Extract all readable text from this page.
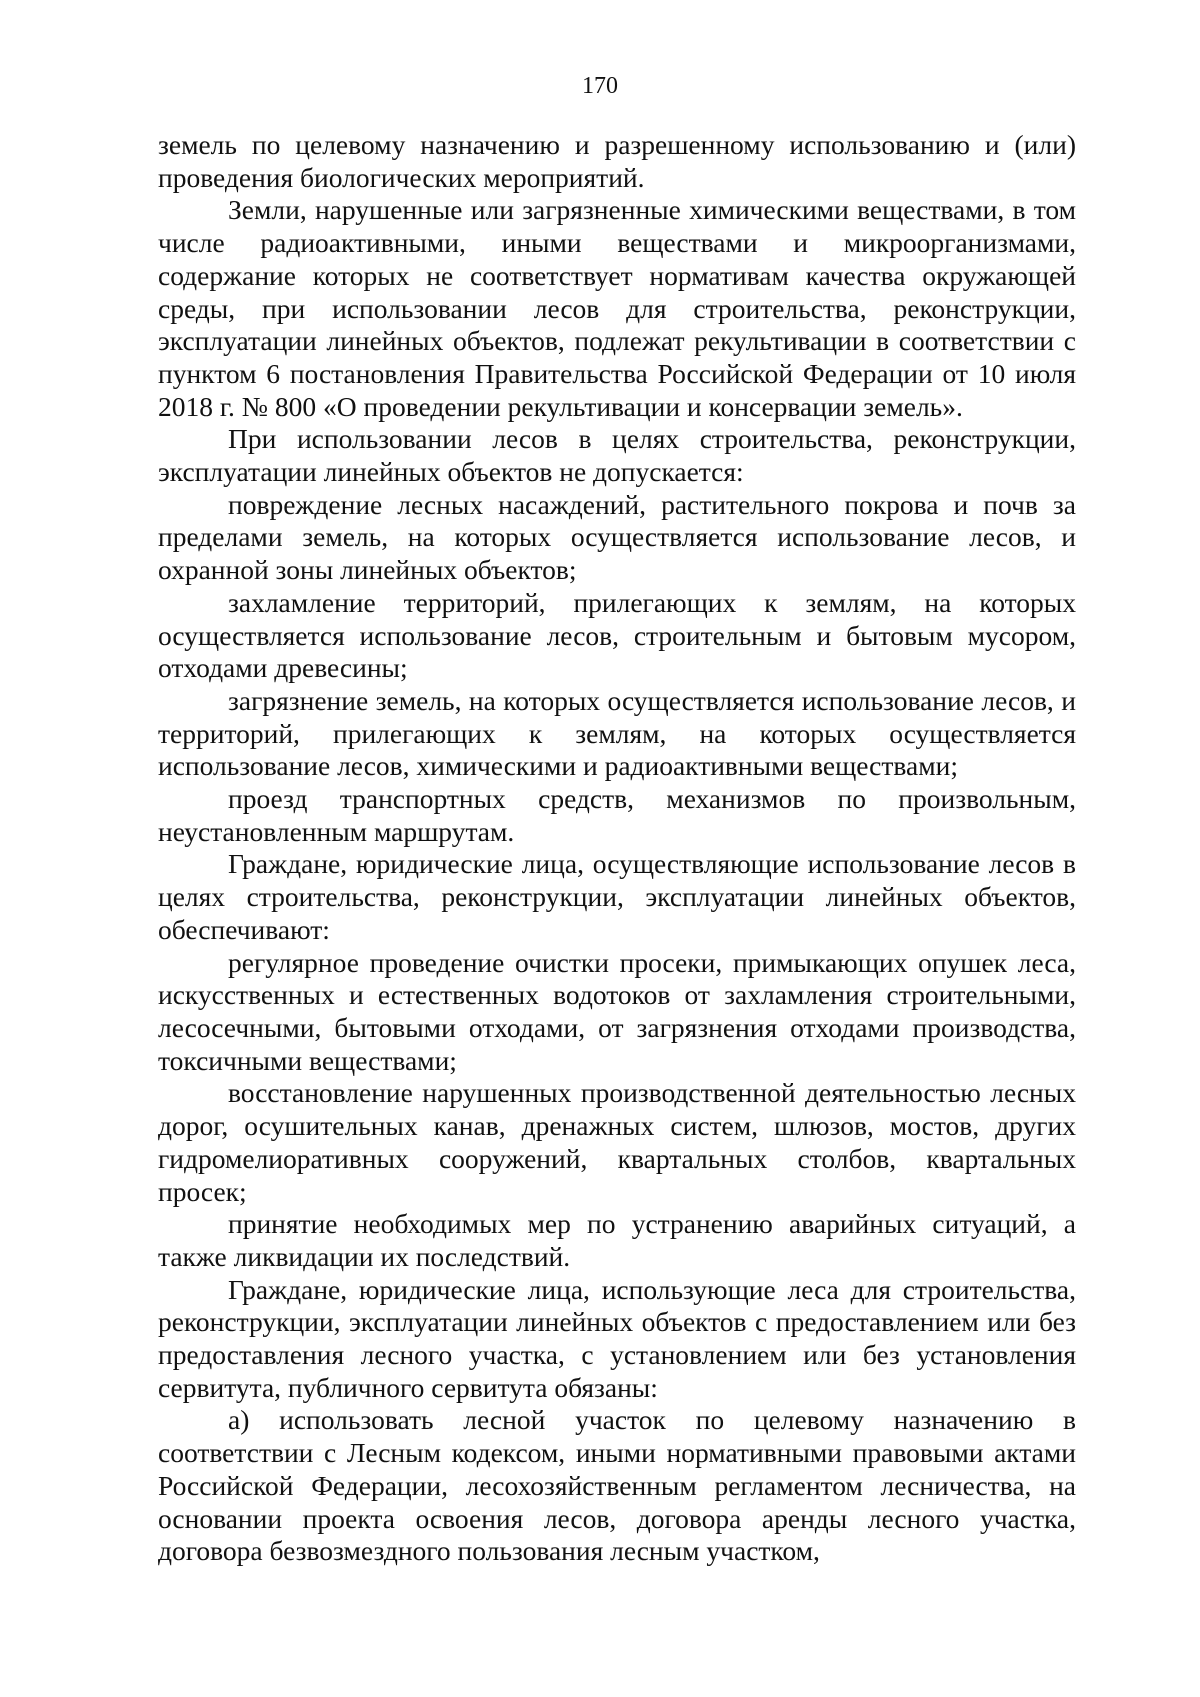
170

земель по целевому назначению и разрешенному использованию и (или) проведения биологических мероприятий.

Земли, нарушенные или загрязненные химическими веществами, в том числе радиоактивными, иными веществами и микроорганизмами, содержание которых не соответствует нормативам качества окружающей среды, при использовании лесов для строительства, реконструкции, эксплуатации линейных объектов, подлежат рекультивации в соответствии с пунктом 6 постановления Правительства Российской Федерации от 10 июля 2018 г. № 800 «О проведении рекультивации и консервации земель».

При использовании лесов в целях строительства, реконструкции, эксплуатации линейных объектов не допускается:

повреждение лесных насаждений, растительного покрова и почв за пределами земель, на которых осуществляется использование лесов, и охранной зоны линейных объектов;

захламление территорий, прилегающих к землям, на которых осуществляется использование лесов, строительным и бытовым мусором, отходами древесины;

загрязнение земель, на которых осуществляется использование лесов, и территорий, прилегающих к землям, на которых осуществляется использование лесов, химическими и радиоактивными веществами;

проезд транспортных средств, механизмов по произвольным, неустановленным маршрутам.

Граждане, юридические лица, осуществляющие использование лесов в целях строительства, реконструкции, эксплуатации линейных объектов, обеспечивают:

регулярное проведение очистки просеки, примыкающих опушек леса, искусственных и естественных водотоков от захламления строительными, лесосечными, бытовыми отходами, от загрязнения отходами производства, токсичными веществами;

восстановление нарушенных производственной деятельностью лесных дорог, осушительных канав, дренажных систем, шлюзов, мостов, других гидромелиоративных сооружений, квартальных столбов, квартальных просек;

принятие необходимых мер по устранению аварийных ситуаций, а также ликвидации их последствий.

Граждане, юридические лица, использующие леса для строительства, реконструкции, эксплуатации линейных объектов с предоставлением или без предоставления лесного участка, с установлением или без установления сервитута, публичного сервитута обязаны:

а) использовать лесной участок по целевому назначению в соответствии с Лесным кодексом, иными нормативными правовыми актами Российской Федерации, лесохозяйственным регламентом лесничества, на основании проекта освоения лесов, договора аренды лесного участка, договора безвозмездного пользования лесным участком,
